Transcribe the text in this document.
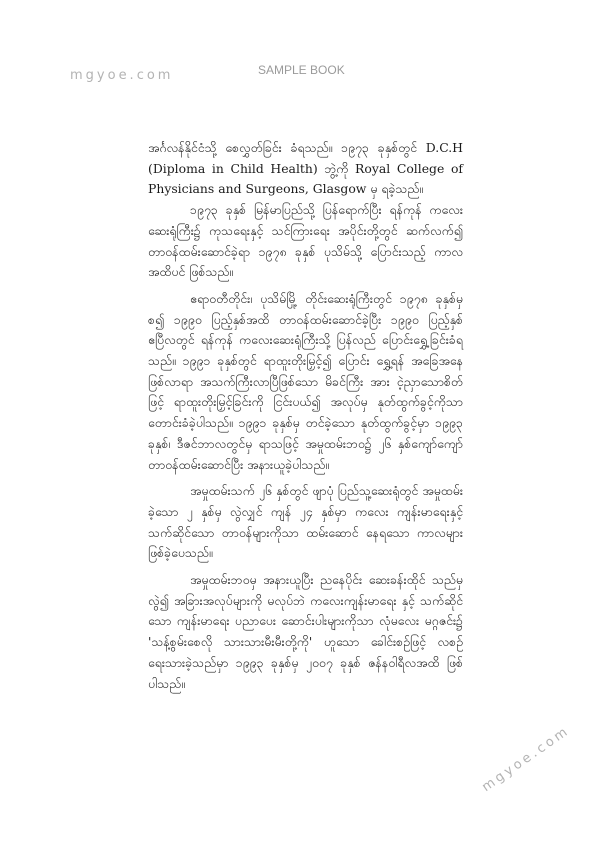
mgyoe.com	SAMPLE BOOK

အင်္ဂလန်နိုင်ငံသို့ စေလွှတ်ခြင်း ခံရသည်။ ၁၉၇၃ ခုနှစ်တွင် D.C.H (Diploma in Child Health) ဘွဲ့ကို Royal College of Physicians and Surgeons, Glasgow မှ ရခဲ့သည်။

၁၉၇၃ ခုနှစ် မြန်မာပြည်သို့ ပြန်ရောက်ပြီး ရန်ကုန် ကလေးဆေးရုံကြီး၌ ကုသရေးနှင့် သင်ကြားရေး အပိုင်းတို့တွင် ဆက်လက်၍ တာဝန်ထမ်းဆောင်ခဲ့ရာ ၁၉၇၈ ခုနှစ် ပုသိမ်သို့ ပြောင်းသည့် ကာလအထိပင် ဖြစ်သည်။

ဧရာဝတီတိုင်း၊ ပုသိမ်မြို့ တိုင်းဆေးရုံကြီးတွင် ၁၉၇၈ ခုနှစ်မှစ၍ ၁၉၉၀ ပြည့်နှစ်အထိ တာဝန်ထမ်းဆောင်ခဲ့ပြီး ၁၉၉၀ ပြည့်နှစ် ဧပြီလတွင် ရန်ကုန် ကလေးဆေးရုံကြီးသို့ ပြန်လည် ပြောင်းရွှေ့ခြင်းခံရသည်။ ၁၉၉၁ ခုနှစ်တွင် ရာထူးတိုးမြှင့်၍ ပြောင်း ရွှေ့ရန် အခြေအနေ ဖြစ်လာရာ အသက်ကြီးလာပြီဖြစ်သော မိခင်ကြီး အား ငဲ့ညှာသောစိတ်ဖြင့် ရာထူးတိုးမြှင့်ခြင်းကို ငြင်းပယ်၍ အလုပ်မှ နုတ်ထွက်ခွင့်ကိုသာ တောင်းခံခဲ့ပါသည်။ ၁၉၉၁ ခုနှစ်မှ တင်ခဲ့သော နုတ်ထွက်ခွင့်မှာ ၁၉၉၃ ခုနှစ်၊ ဒီဇင်ဘာလတွင်မှ ရာသဖြင့် အမှုထမ်းဘဝ၌ ၂၆ နှစ်ကျော်ကျော် တာဝန်ထမ်းဆောင်ပြီး အနားယူခဲ့ပါသည်။

အမှုထမ်းသက် ၂၆ နှစ်တွင် ဖျာပုံ ပြည်သူ့ဆေးရုံတွင် အမှုထမ်းခဲ့သော ၂ နှစ်မှ လွဲလျှင် ကျန် ၂၄ နှစ်မှာ ကလေး ကျန်းမာရေးနှင့်သက်ဆိုင်သော တာဝန်များကိုသာ ထမ်းဆောင် နေရသော ကာလများဖြစ်ခဲ့ပေသည်။

အမှုထမ်းဘဝမှ အနားယူပြီး ညနေပိုင်း ဆေးခန်းထိုင် သည်မှလွဲ၍ အခြားအလုပ်များကို မလုပ်ဘဲ ကလေးကျန်းမာရေး နှင့် သက်ဆိုင်သော ကျန်းမာရေး ပညာပေး ဆောင်းပါးများကိုသာ လုံမလေး မဂ္ဂဇင်း၌ 'သန့်စွမ်းစေလို သားသားမီးမီးတို့ကို' ဟူသော ခေါင်းစဉ်ဖြင့် လစဉ် ရေးသားခဲ့သည်မှာ ၁၉၉၃ ခုနှစ်မှ ၂၀၀၇ ခုနှစ် ဇန်နဝါရီလအထိ ဖြစ်ပါသည်။

mgyoe.com
